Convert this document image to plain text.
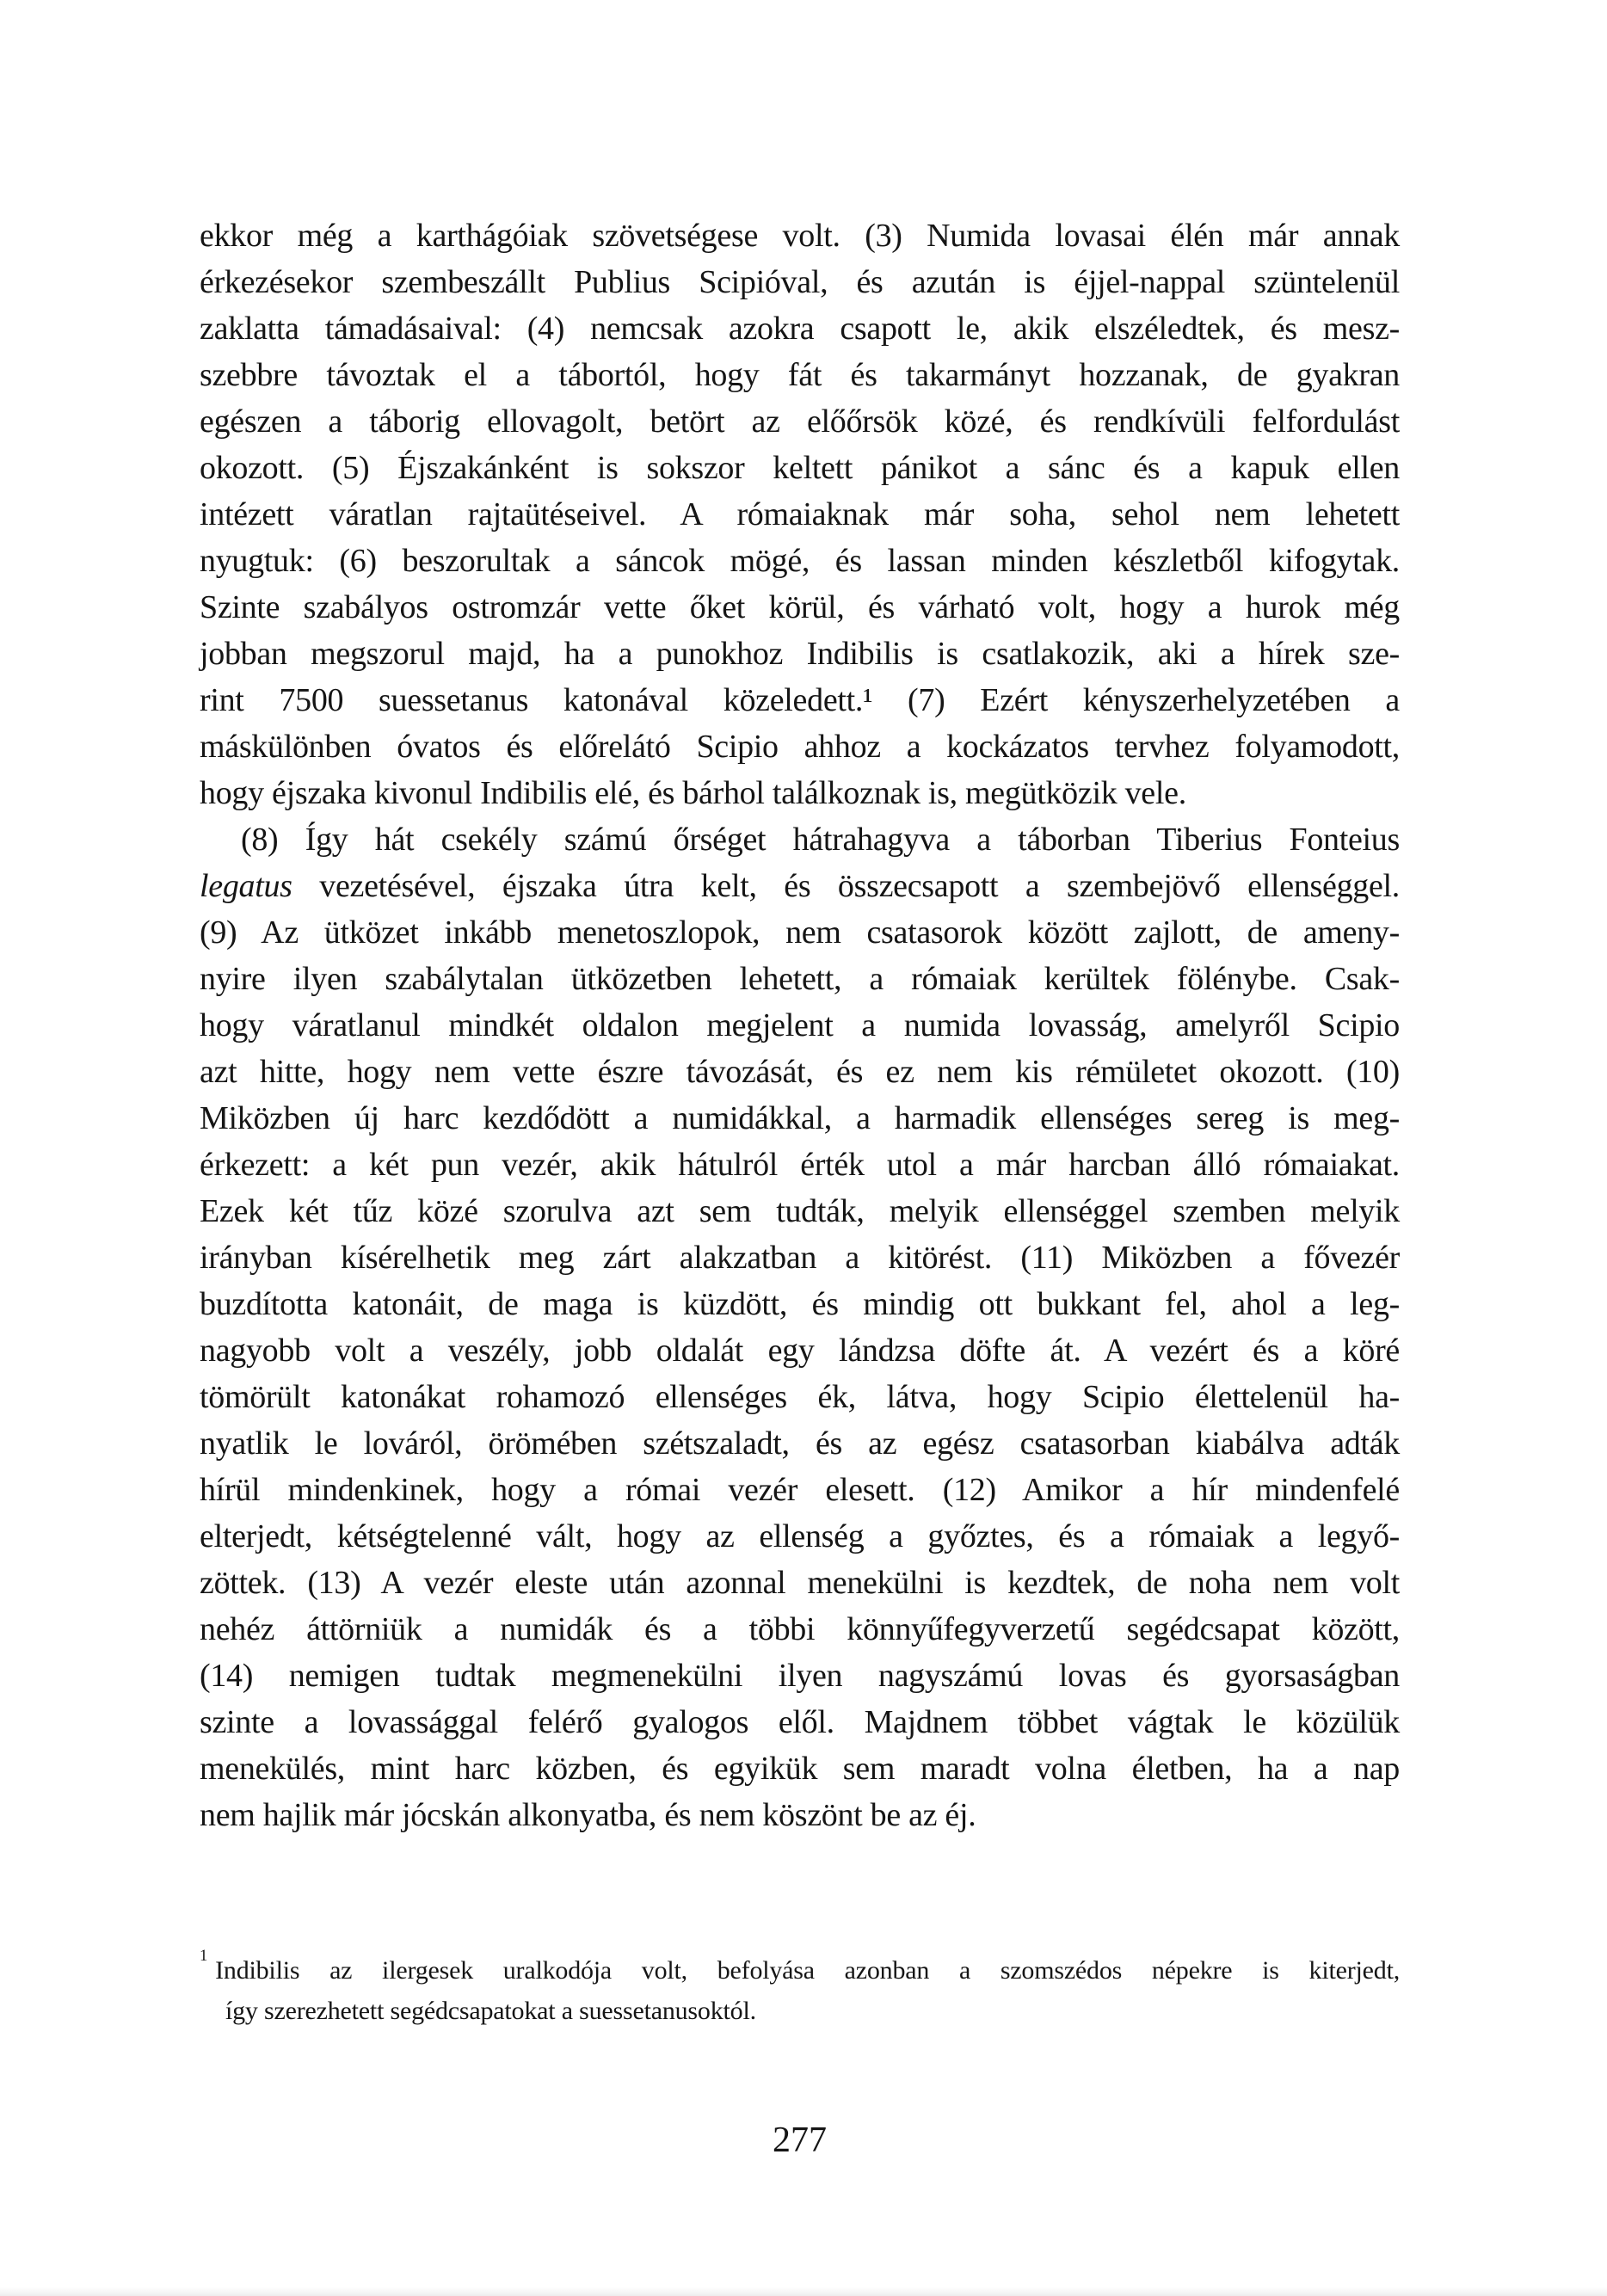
ekkor még a karthágóiak szövetségese volt. (3) Numida lovasai élén már annak
érkezésekor szembeszállt Publius Scipióval, és azután is éjjel-nappal szüntelenül
zaklatta támadásaival: (4) nemcsak azokra csapott le, akik elszéledtek, és mesz-
szebbre távoztak el a tábortól, hogy fát és takarmányt hozzanak, de gyakran
egészen a táborig ellovagolt, betört az előőrsök közé, és rendkívüli felfordulást
okozott. (5) Éjszakánként is sokszor keltett pánikot a sánc és a kapuk ellen
intézett váratlan rajtaütéseivel. A rómaiaknak már soha, sehol nem lehetett
nyugtuk: (6) beszorultak a sáncok mögé, és lassan minden készletből kifogytak.
Szinte szabályos ostromzár vette őket körül, és várható volt, hogy a hurok még
jobban megszorul majd, ha a punokhoz Indibilis is csatlakozik, aki a hírek sze-
rint 7500 suessetanus katonával közeledett.¹ (7) Ezért kényszerhelyzetében a
máskülönben óvatos és előrelátó Scipio ahhoz a kockázatos tervhez folyamodott,
hogy éjszaka kivonul Indibilis elé, és bárhol találkoznak is, megütközik vele.
(8) Így hát csekély számú őrséget hátrahagyva a táborban Tiberius Fonteius
legatus vezetésével, éjszaka útra kelt, és összecsapott a szembejövő ellenséggel.
(9) Az ütközet inkább menetoszlopok, nem csatasorok között zajlott, de ameny-
nyire ilyen szabálytalan ütközetben lehetett, a rómaiak kerültek fölénybe. Csak-
hogy váratlanul mindkét oldalon megjelent a numida lovasság, amelyről Scipio
azt hitte, hogy nem vette észre távozását, és ez nem kis rémületet okozott. (10)
Miközben új harc kezdődött a numidákkal, a harmadik ellenséges sereg is meg-
érkezett: a két pun vezér, akik hátulról érték utol a már harcban álló rómaiakat.
Ezek két tűz közé szorulva azt sem tudták, melyik ellenséggel szemben melyik
irányban kísérelhetik meg zárt alakzatban a kitörést. (11) Miközben a fővezér
buzdította katonáit, de maga is küzdött, és mindig ott bukkant fel, ahol a leg-
nagyobb volt a veszély, jobb oldalát egy lándzsa döfte át. A vezért és a köré
tömörült katonákat rohamozó ellenséges ék, látva, hogy Scipio élettelenül ha-
nyatlik le lováról, örömében szétszaladt, és az egész csatasorban kiabálva adták
hírül mindenkinek, hogy a római vezér elesett. (12) Amikor a hír mindenfelé
elterjedt, kétségtelenné vált, hogy az ellenség a győztes, és a rómaiak a legyő-
zöttek. (13) A vezér eleste után azonnal menekülni is kezdtek, de noha nem volt
nehéz áttörniük a numidák és a többi könnyűfegyverzetű segédcsapat között,
(14) nemigen tudtak megmenekülni ilyen nagyszámú lovas és gyorsaságban
szinte a lovassággal felérő gyalogos elől. Majdnem többet vágtak le közülük
menekülés, mint harc közben, és egyikük sem maradt volna életben, ha a nap
nem hajlik már jócskán alkonyatba, és nem köszönt be az éj.
$^1$Indibilis az ilergesek uralkodója volt, befolyása azonban a szomszédos népekre is kiterjedt,
így szerezhetett segédcsapatokat a suessetanusoktól.
277
